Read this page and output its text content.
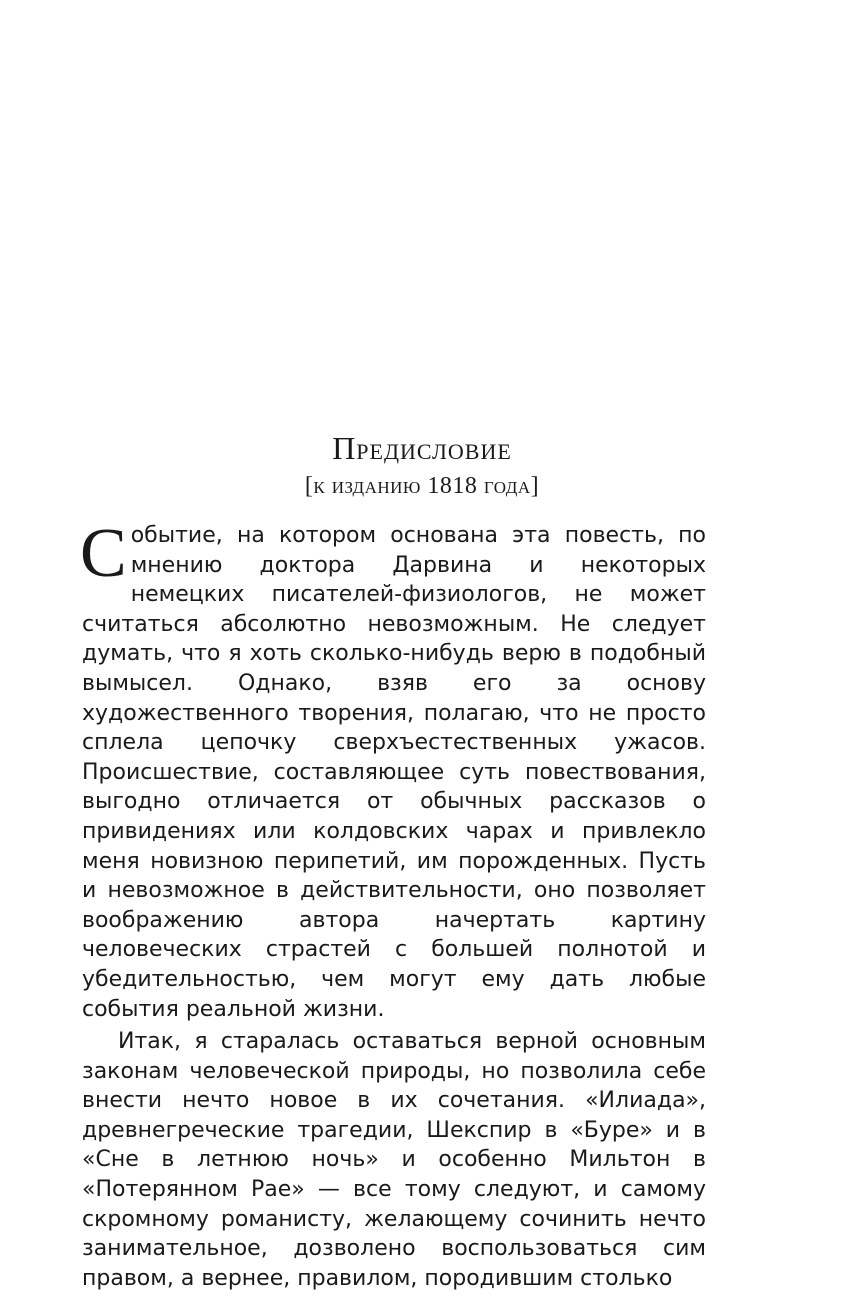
Предисловие
[к изданию 1818 года]

Событие, на котором основана эта повесть, по мнению доктора Дарвина и некоторых немецких писателей-физиологов, не может считаться абсолютно невозможным. Не следует думать, что я хоть сколько-нибудь верю в подобный вымысел. Однако, взяв его за основу художественного творения, полагаю, что не просто сплела цепочку сверхъестественных ужасов. Происшествие, составляющее суть повествования, выгодно отличается от обычных рассказов о привидениях или колдовских чарах и привлекло меня новизною перипетий, им порожденных. Пусть и невозможное в действительности, оно позволяет воображению автора начертать картину человеческих страстей с большей полнотой и убедительностью, чем могут ему дать любые события реальной жизни.

Итак, я старалась оставаться верной основным законам человеческой природы, но позволила себе внести нечто новое в их сочетания. «Илиада», древнегреческие трагедии, Шекспир в «Буре» и в «Сне в летнюю ночь» и особенно Мильтон в «Потерянном Рае» — все тому следуют, и самому скромному романисту, желающему сочинить нечто занимательное, дозволено воспользоваться сим правом, а вернее, правилом, породившим столько
